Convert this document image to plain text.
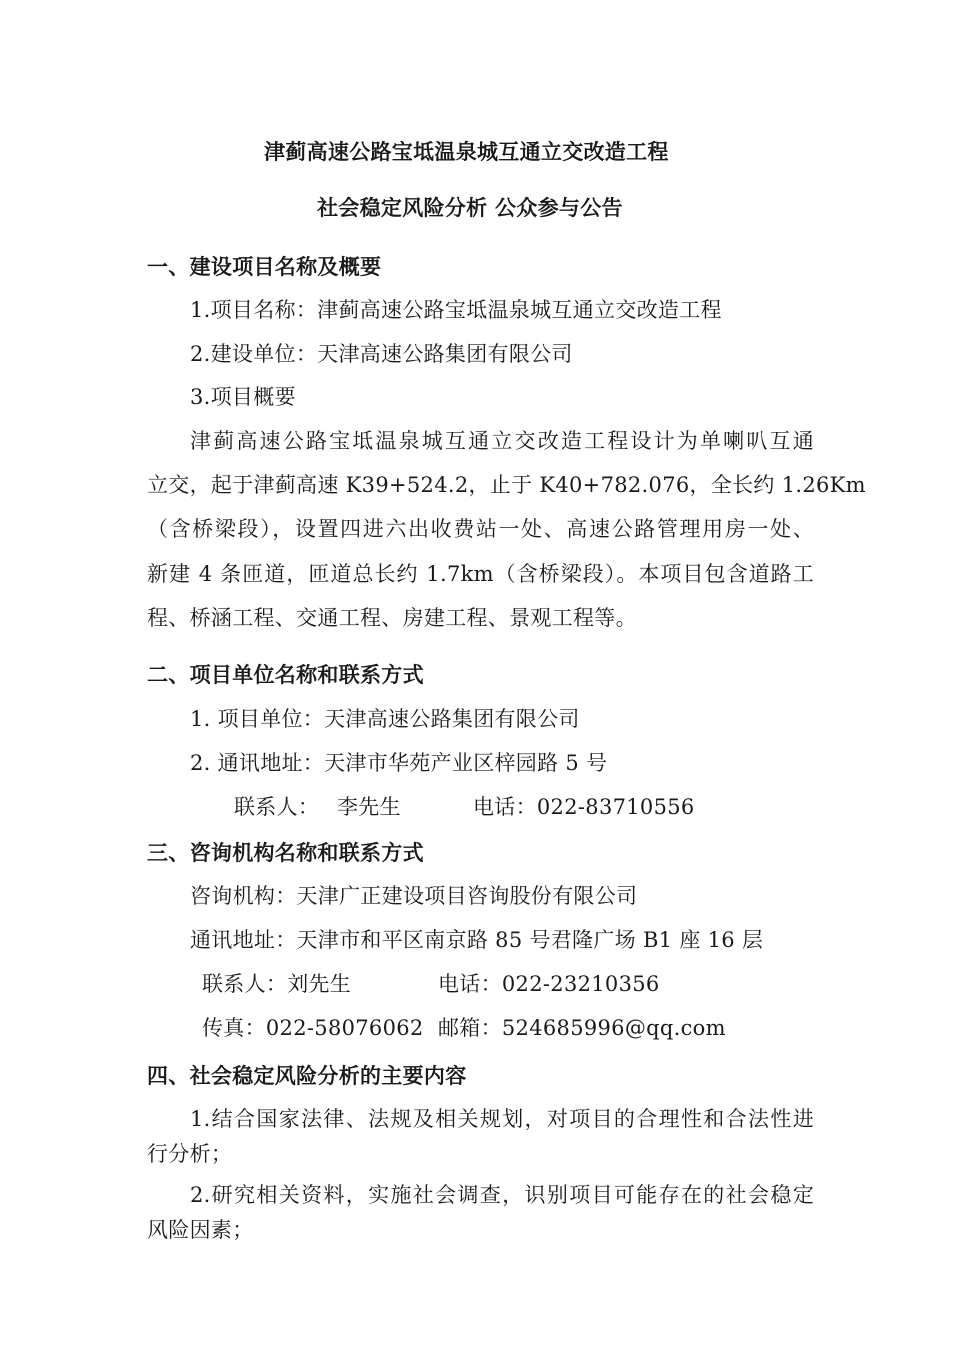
津蓟高速公路宝坻温泉城互通立交改造工程
社会稳定风险分析 公众参与公告
一、建设项目名称及概要
1.项目名称：津蓟高速公路宝坻温泉城互通立交改造工程
2.建设单位：天津高速公路集团有限公司
3.项目概要
津蓟高速公路宝坻温泉城互通立交改造工程设计为单喇叭互通
立交，起于津蓟高速 K39+524.2，止于 K40+782.076，全长约 1.26Km
（含桥梁段），设置四进六出收费站一处、高速公路管理用房一处、
新建 4 条匝道，匝道总长约 1.7km（含桥梁段）。本项目包含道路工
程、桥涵工程、交通工程、房建工程、景观工程等。
二、项目单位名称和联系方式
1. 项目单位：天津高速公路集团有限公司
2. 通讯地址：天津市华苑产业区梓园路 5 号
联系人： 李先生	电话：022-83710556
三、咨询机构名称和联系方式
咨询机构：天津广正建设项目咨询股份有限公司
通讯地址：天津市和平区南京路 85 号君隆广场 B1 座 16 层
联系人：刘先生	电话：022-23210356
传真：022-58076062 邮箱：524685996@qq.com
四、社会稳定风险分析的主要内容
1.结合国家法律、法规及相关规划，对项目的合理性和合法性进
行分析；
2.研究相关资料，实施社会调查，识别项目可能存在的社会稳定
风险因素；
